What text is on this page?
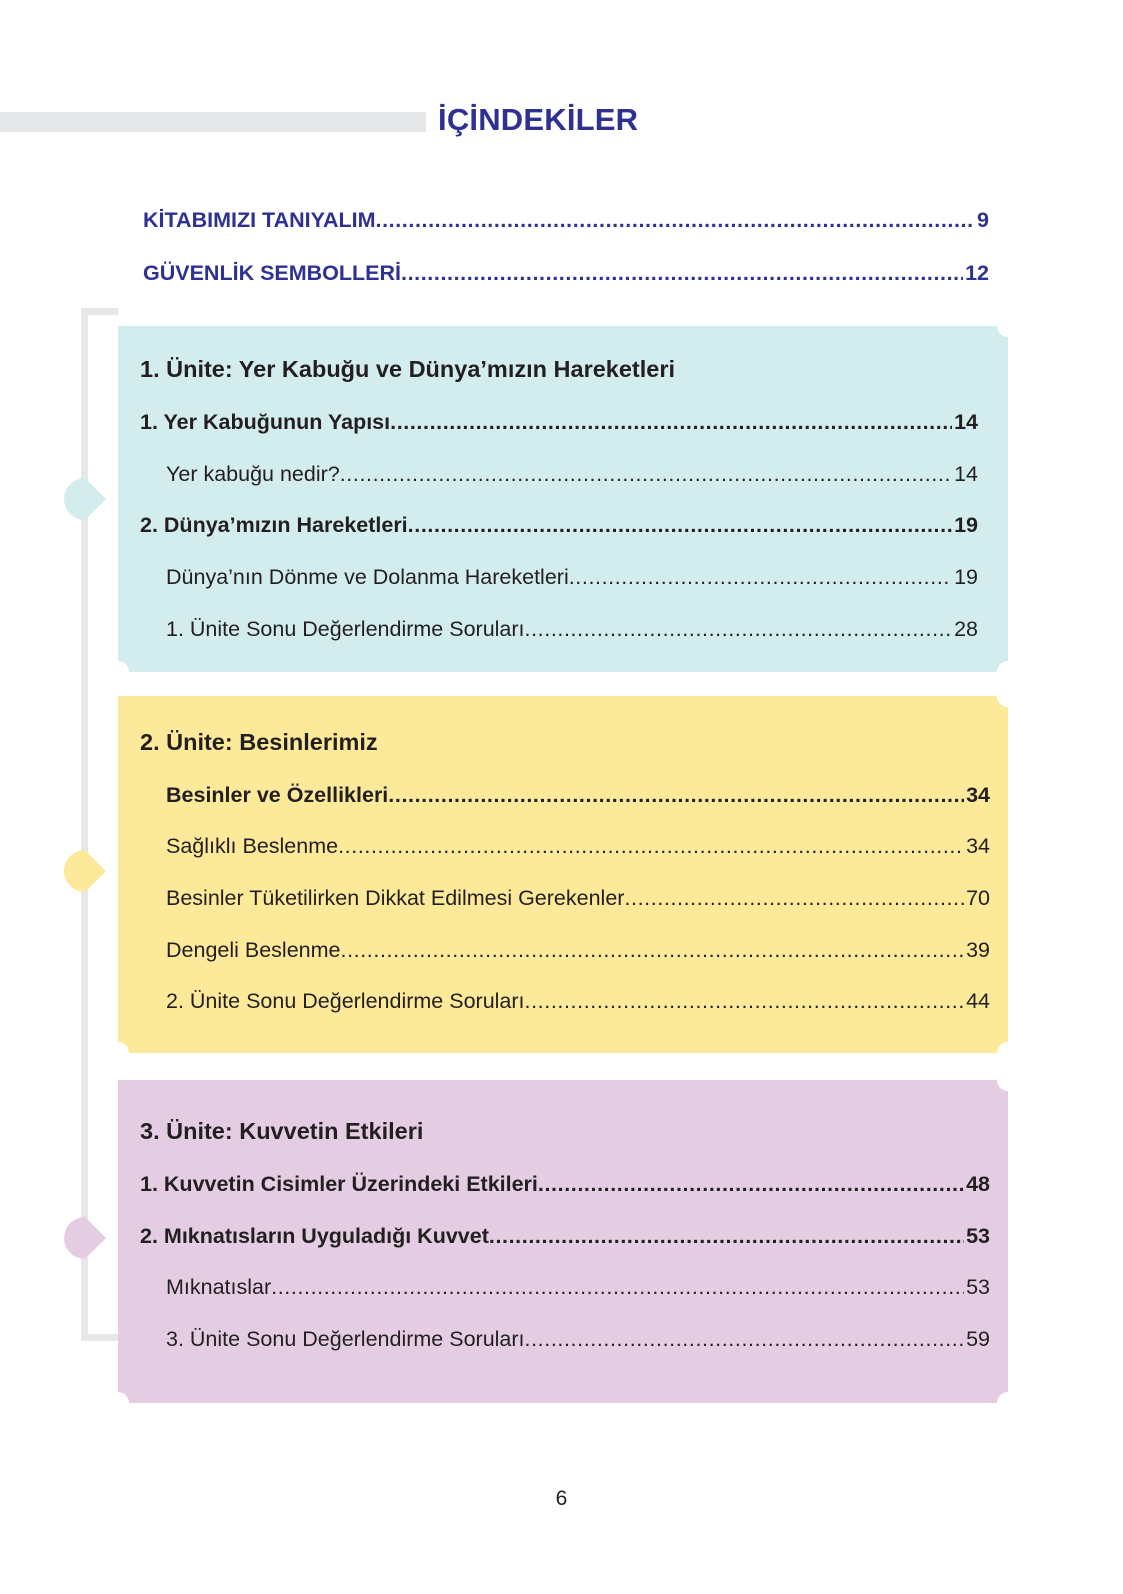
İÇİNDEKİLER
KİTABIMIZI TANIYALIM .....	9
GÜVENLİK SEMBOLLERİ .....	12
1. Ünite: Yer Kabuğu ve Dünya’mızın Hareketleri
1. Yer Kabuğunun Yapısı .....	14
Yer kabuğu nedir? .....	14
2. Dünya’mızın Hareketleri .....	19
Dünya’nın Dönme ve Dolanma Hareketleri .....	19
1. Ünite Sonu Değerlendirme Soruları .....	28
2. Ünite: Besinlerimiz
Besinler ve Özellikleri .....	34
Sağlıklı Beslenme .....	34
Besinler Tüketilirken Dikkat Edilmesi Gerekenler .....	70
Dengeli Beslenme .....	39
2. Ünite Sonu Değerlendirme Soruları .....	44
3. Ünite: Kuvvetin Etkileri
1. Kuvvetin Cisimler Üzerindeki Etkileri .....	48
2. Mıknatısların Uyguladığı Kuvvet .....	53
Mıknatıslar .....	53
3. Ünite Sonu Değerlendirme Soruları .....	59
6
